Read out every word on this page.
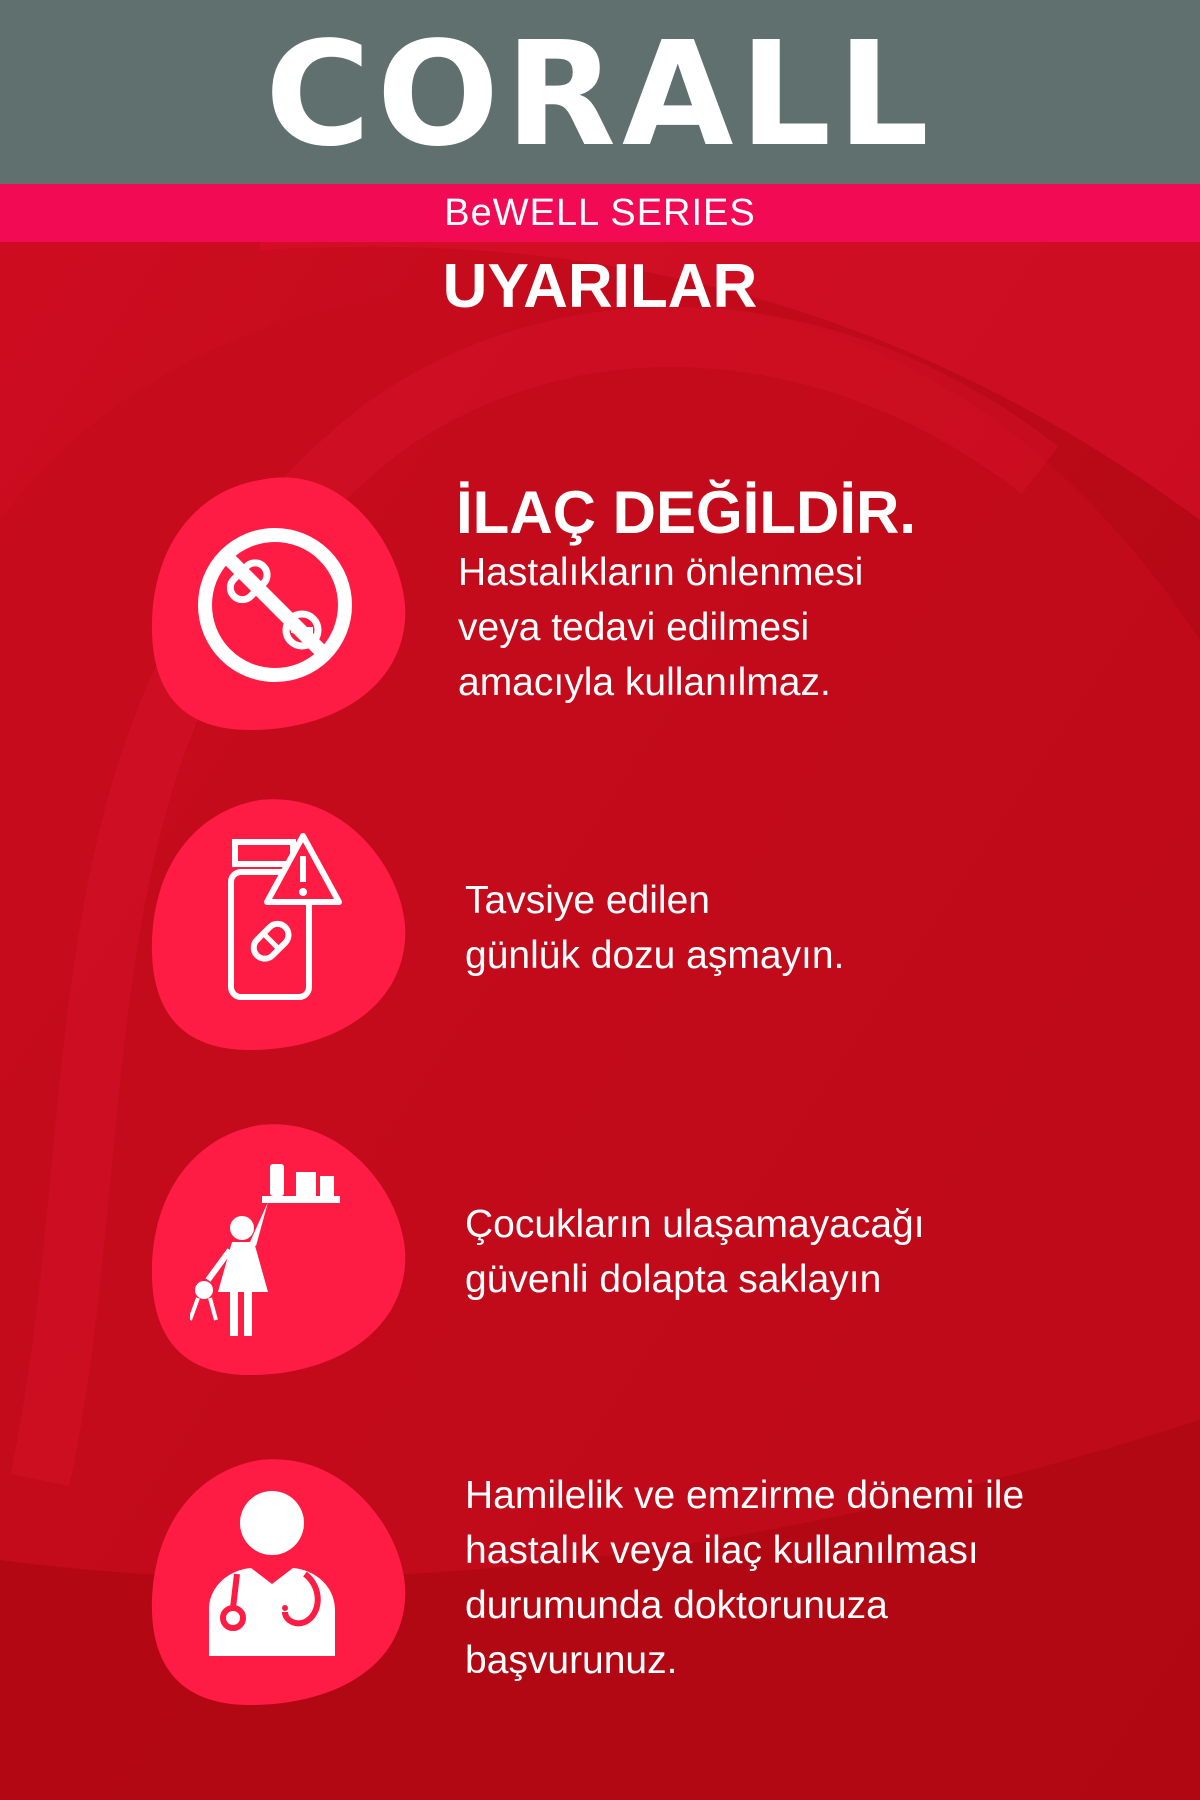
CORALL
BeWELL SERIES
UYARILAR
İLAÇ DEĞİLDİR.

Hastalıkların önlenmesi
veya tedavi edilmesi
amacıyla kullanılmaz.

Tavsiye edilen
günlük dozu aşmayın.

Çocukların ulaşamayacağı
güvenli dolapta saklayın

Hamilelik ve emzirme dönemi ile
hastalık veya ilaç kullanılması
durumunda doktorunuza
başvurunuz.
